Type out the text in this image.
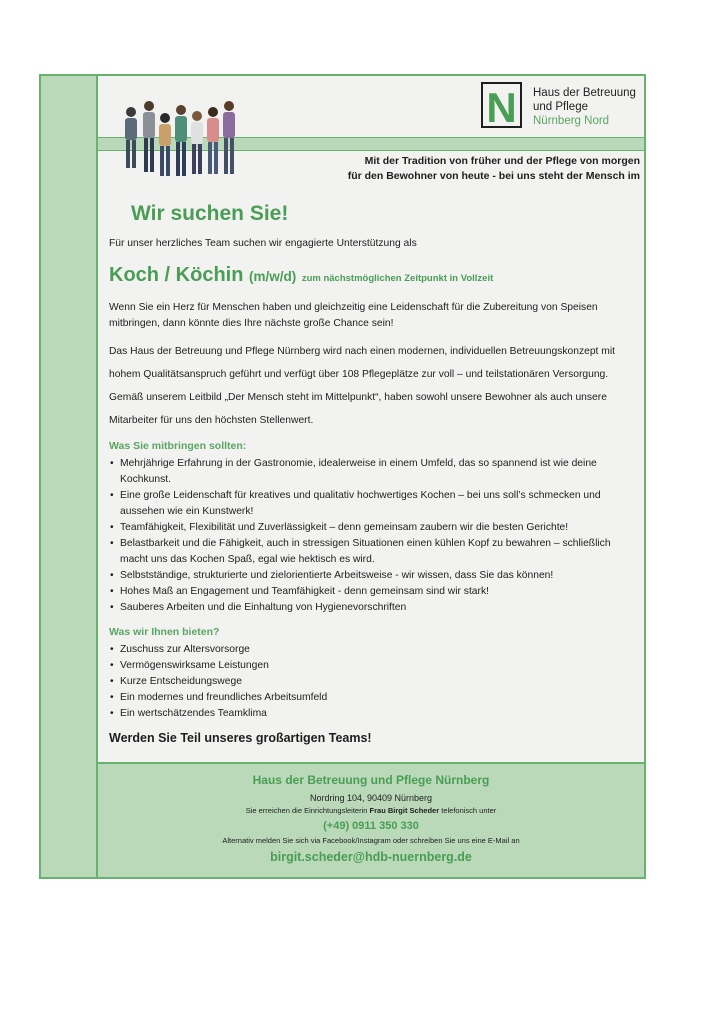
N Haus der Betreuung
und Pflege
Nürnberg Nord
Mit der Tradition von früher und der Pflege von morgen
für den Bewohner von heute - bei uns steht der Mensch im
Wir suchen Sie!

Für unser herzliches Team suchen wir engagierte Unterstützung als

Koch / Köchin (m/w/d) zum nächstmöglichen Zeitpunkt in Vollzeit

Wenn Sie ein Herz für Menschen haben und gleichzeitig eine Leidenschaft für die Zubereitung von Speisen mitbringen, dann könnte dies Ihre nächste große Chance sein!

Das Haus der Betreuung und Pflege Nürnberg wird nach einen modernen, individuellen Betreuungskonzept mit hohem Qualitätsanspruch geführt und verfügt über 108 Pflegeplätze zur voll – und teilstationären Versorgung. Gemäß unserem Leitbild „Der Mensch steht im Mittelpunkt“, haben sowohl unsere Bewohner als auch unsere Mitarbeiter für uns den höchsten Stellenwert.

Was Sie mitbringen sollten:
• Mehrjährige Erfahrung in der Gastronomie, idealerweise in einem Umfeld, das so spannend ist wie deine Kochkunst.
• Eine große Leidenschaft für kreatives und qualitativ hochwertiges Kochen – bei uns soll’s schmecken und aussehen wie ein Kunstwerk!
• Teamfähigkeit, Flexibilität und Zuverlässigkeit – denn gemeinsam zaubern wir die besten Gerichte!
• Belastbarkeit und die Fähigkeit, auch in stressigen Situationen einen kühlen Kopf zu bewahren – schließlich macht uns das Kochen Spaß, egal wie hektisch es wird.
• Selbstständige, strukturierte und zielorientierte Arbeitsweise - wir wissen, dass Sie das können!
• Hohes Maß an Engagement und Teamfähigkeit - denn gemeinsam sind wir stark!
• Sauberes Arbeiten und die Einhaltung von Hygienevorschriften
Was wir Ihnen bieten?
• Zuschuss zur Altersvorsorge
• Vermögenswirksame Leistungen
• Kurze Entscheidungswege
• Ein modernes und freundliches Arbeitsumfeld
• Ein wertschätzendes Teamklima
Werden Sie Teil unseres großartigen Teams!
Haus der Betreuung und Pflege Nürnberg
Nordring 104, 90409 Nürnberg
Sie erreichen die Einrichtungsleiterin Frau Birgit Scheder telefonisch unter
(+49) 0911 350 330
Alternativ melden Sie sich via Facebook/Instagram oder schreiben Sie uns eine E-Mail an
birgit.scheder@hdb-nuernberg.de
